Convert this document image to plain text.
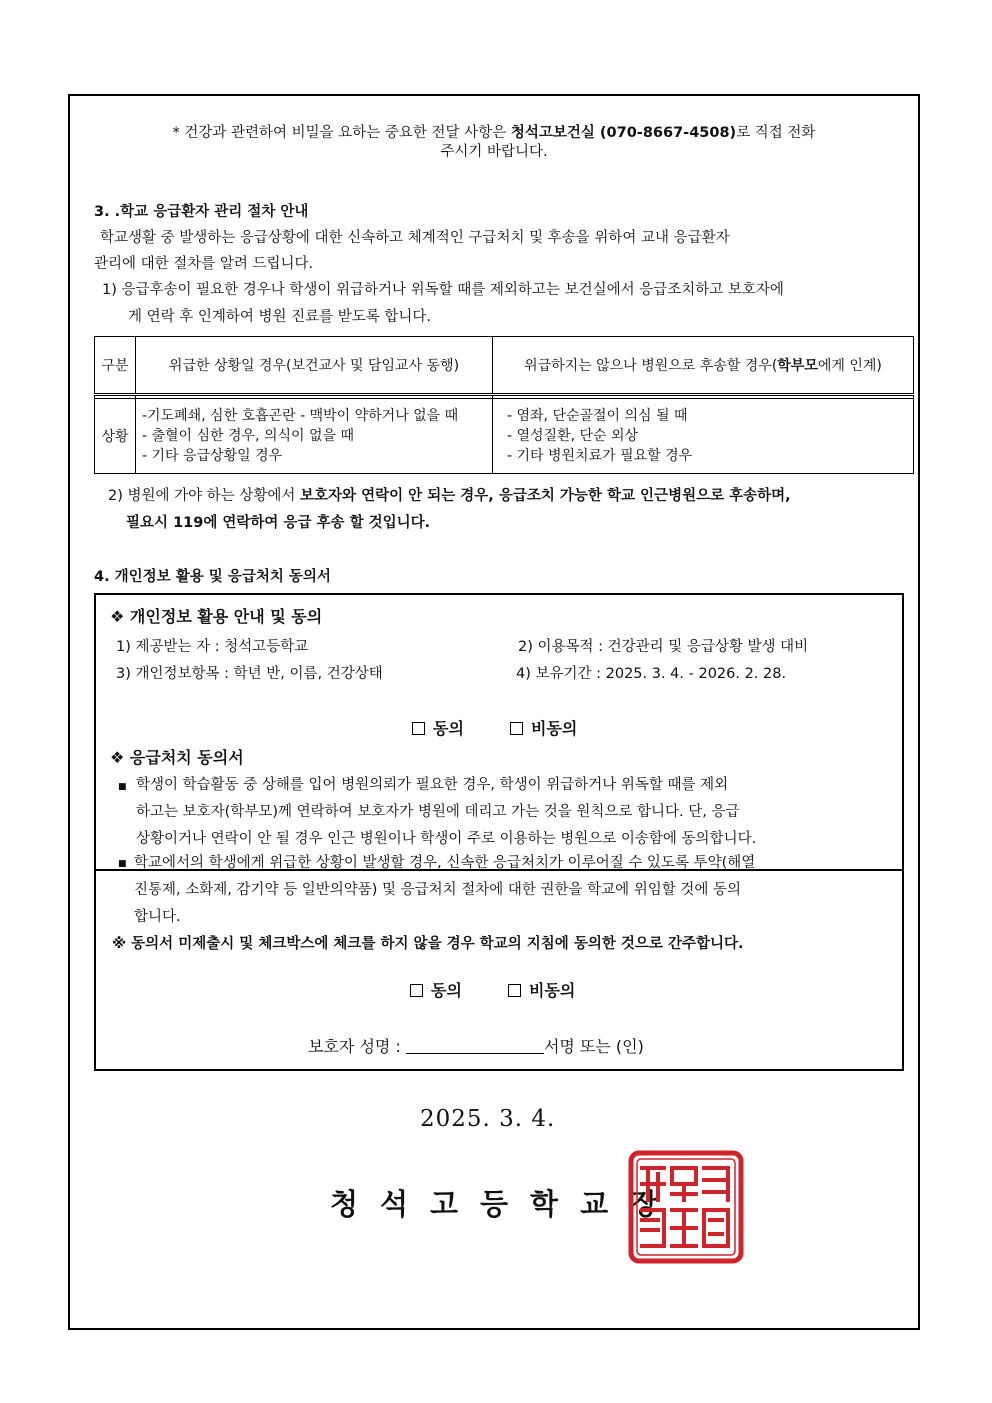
* 건강과 관련하여 비밀을 요하는 중요한 전달 사항은 청석고보건실 (070-8667-4508)로 직접 전화
주시기 바랍니다.
3. .학교 응급환자 관리 절차 안내
학교생활 중 발생하는 응급상황에 대한 신속하고 체계적인 구급처치 및 후송을 위하여 교내 응급환자
관리에 대한 절차를 알려 드립니다.
1) 응급후송이 필요한 경우나 학생이 위급하거나 위독할 때를 제외하고는 보건실에서 응급조치하고 보호자에
게 연락 후 인계하여 병원 진료를 받도록 합니다.
구분	위급한 상황일 경우(보건교사 및 담임교사 동행)	위급하지는 않으나 병원으로 후송할 경우(학부모에게 인계)

상황	-기도폐쇄, 심한 호흡곤란 - 맥박이 약하거나 없을 때
- 출혈이 심한 경우, 의식이 없을 때
- 기타 응급상황일 경우	- 염좌, 단순골절이 의심 될 때
- 열성질환, 단순 외상
- 기타 병원치료가 필요할 경우
2) 병원에 가야 하는 상황에서 보호자와 연락이 안 되는 경우, 응급조치 가능한 학교 인근병원으로 후송하며,
필요시 119에 연락하여 응급 후송 할 것입니다.
4. 개인정보 활용 및 응급처치 동의서
❖ 개인정보 활용 안내 및 동의
1) 제공받는 자 : 청석고등학교	2) 이용목적 : 건강관리 및 응급상황 발생 대비
3) 개인정보항목 : 학년 반, 이름, 건강상태	4) 보유기간 : 2025. 3. 4. - 2026. 2. 28.
동의	비동의
❖ 응급처치 동의서
■ 학생이 학습활동 중 상해를 입어 병원의뢰가 필요한 경우, 학생이 위급하거나 위독할 때를 제외
하고는 보호자(학부모)께 연락하여 보호자가 병원에 데리고 가는 것을 원칙으로 합니다. 단, 응급
상황이거나 연락이 안 될 경우 인근 병원이나 학생이 주로 이용하는 병원으로 이송함에 동의합니다.
■ 학교에서의 학생에게 위급한 상황이 발생할 경우, 신속한 응급처치가 이루어질 수 있도록 투약(해열
진통제, 소화제, 감기약 등 일반의약품) 및 응급처치 절차에 대한 권한을 학교에 위임할 것에 동의
합니다.
※ 동의서 미제출시 및 체크박스에 체크를 하지 않을 경우 학교의 지침에 동의한 것으로 간주합니다.
동의	비동의
보호자 성명 :	서명 또는 (인)
2025. 3. 4.
청석고등학교장
